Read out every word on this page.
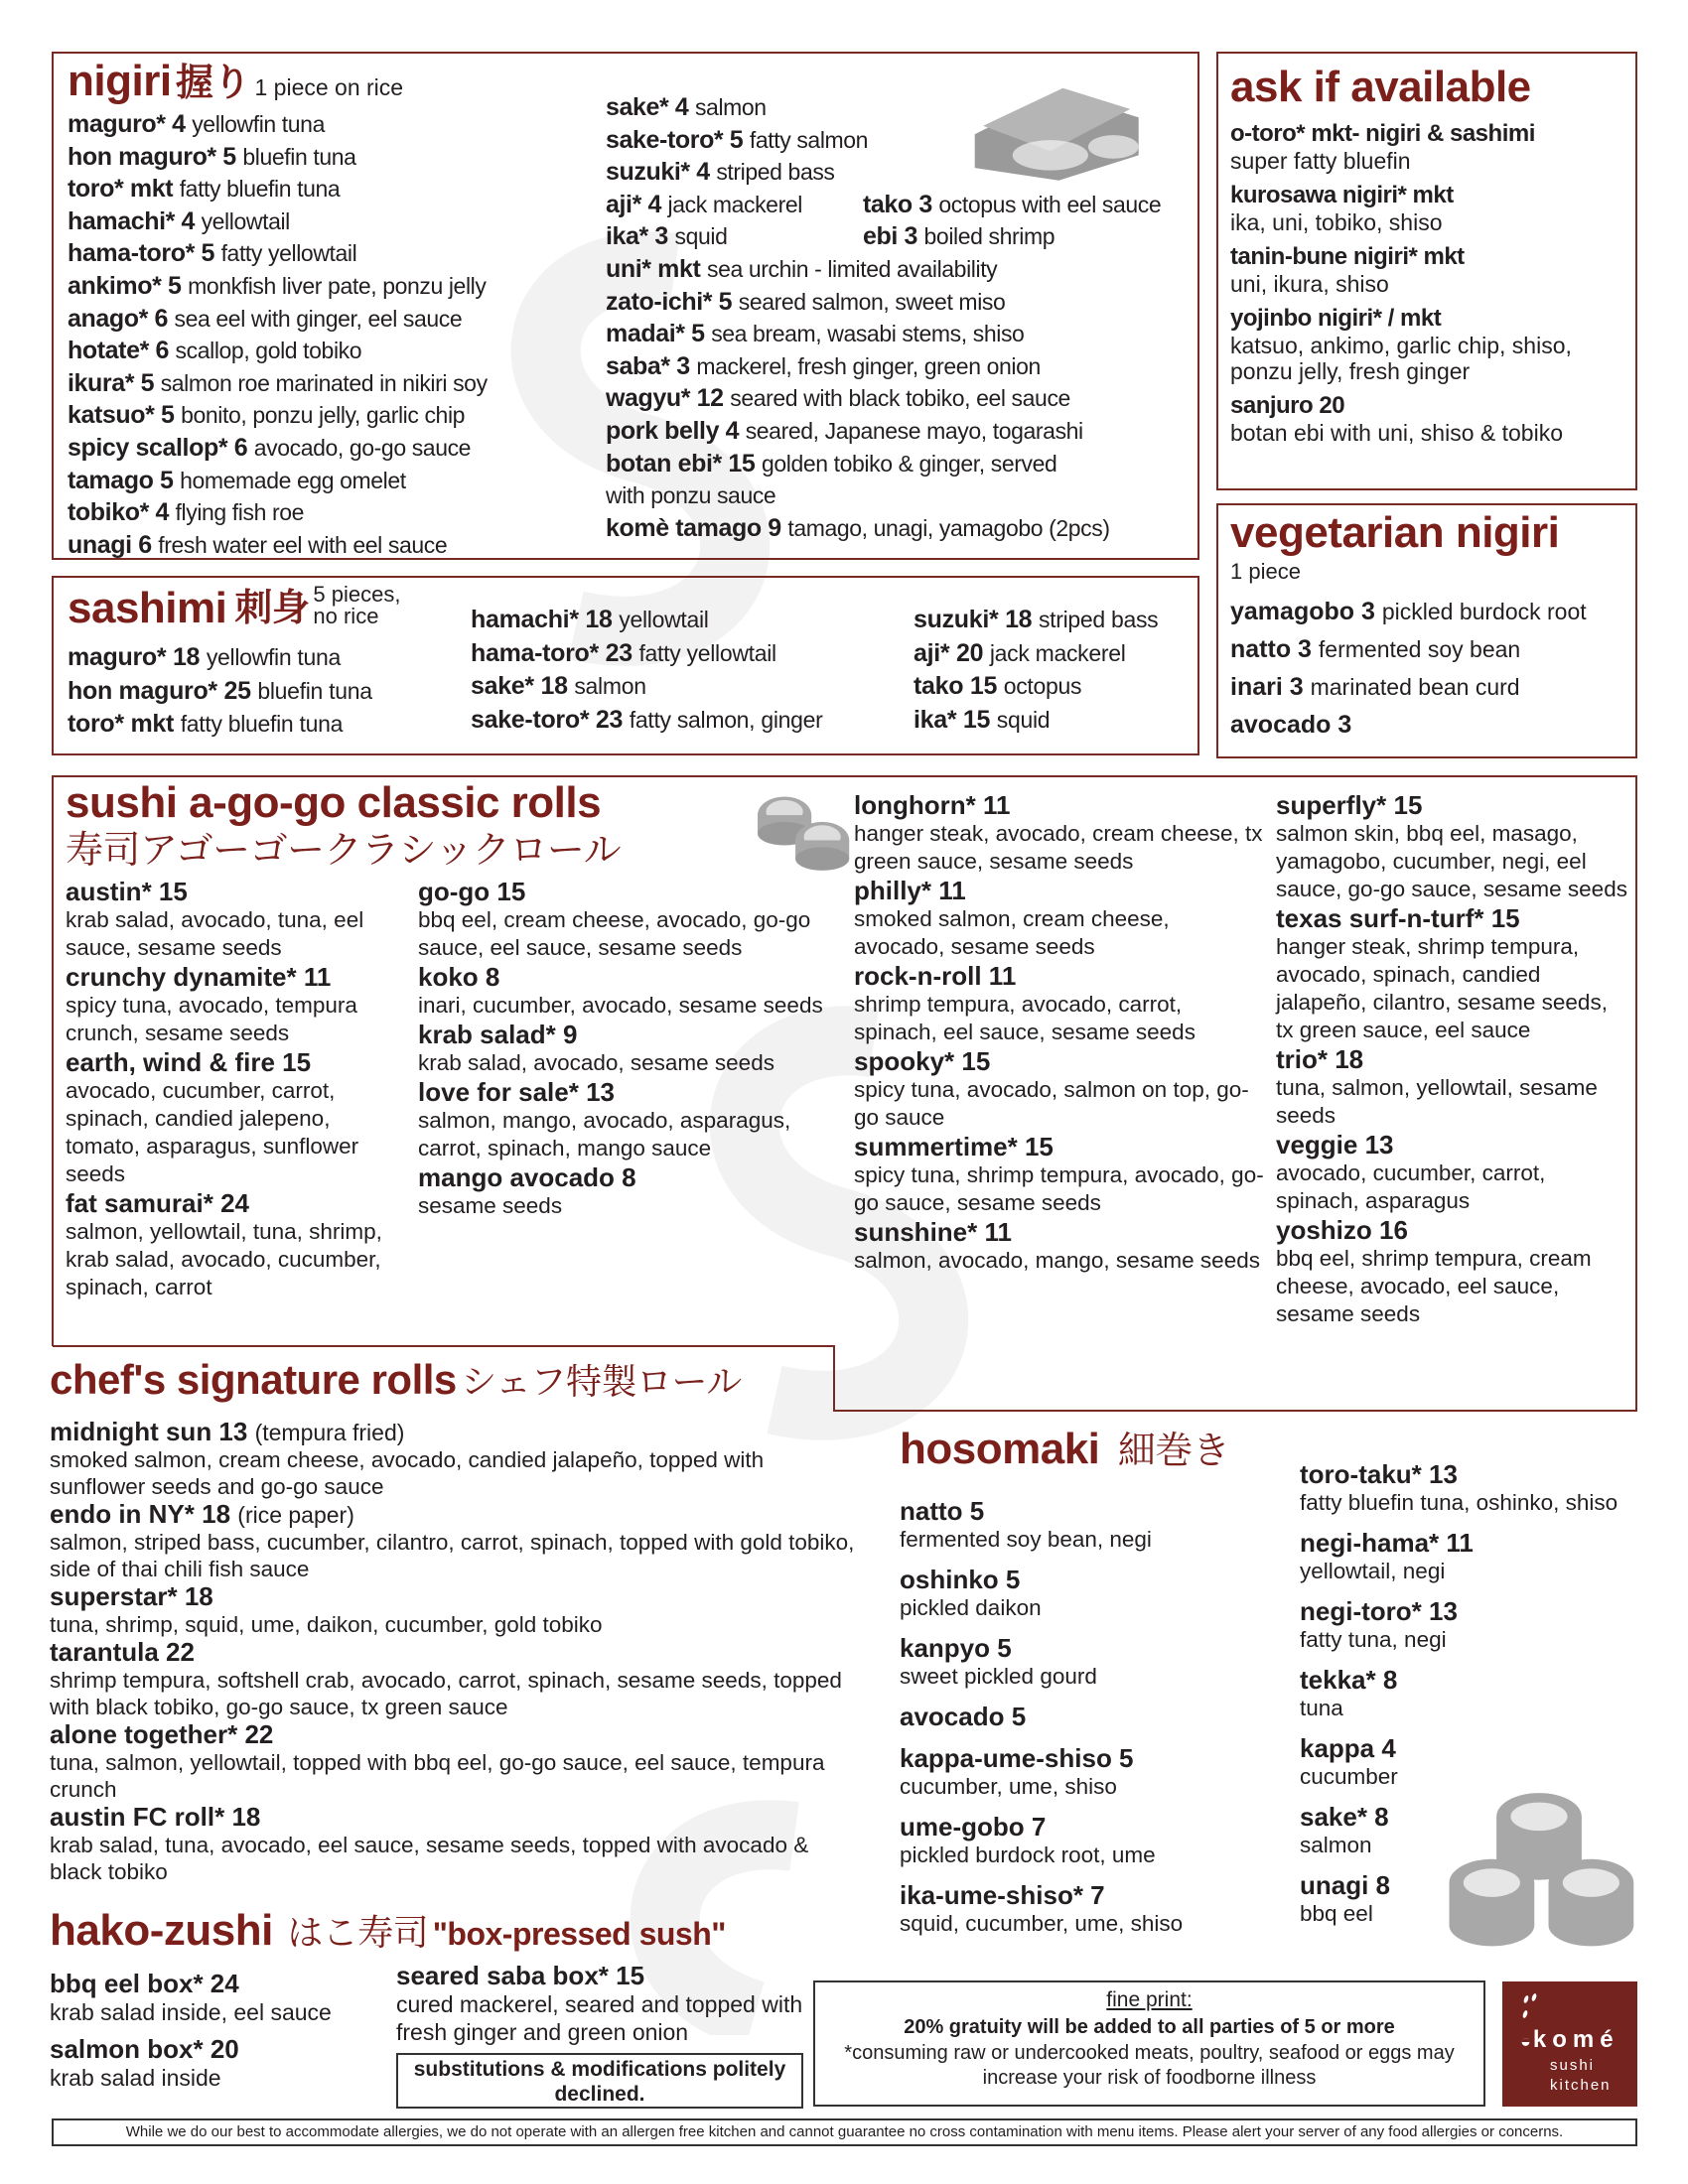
nigiri 握り 1 piece on rice
maguro* 4 yellowfin tuna
hon maguro* 5 bluefin tuna
toro* mkt fatty bluefin tuna
hamachi* 4 yellowtail
hama-toro* 5 fatty yellowtail
ankimo* 5 monkfish liver pate, ponzu jelly
anago* 6 sea eel with ginger, eel sauce
hotate* 6 scallop, gold tobiko
ikura* 5 salmon roe marinated in nikiri soy
katsuo* 5 bonito, ponzu jelly, garlic chip
spicy scallop* 6 avocado, go-go sauce
tamago 5 homemade egg omelet
tobiko* 4 flying fish roe
unagi 6 fresh water eel with eel sauce
sake* 4 salmon
sake-toro* 5 fatty salmon
suzuki* 4 striped bass
aji* 4 jack mackerel
ika* 3 squid
uni* mkt sea urchin - limited availability
zato-ichi* 5 seared salmon, sweet miso
madai* 5 sea bream, wasabi stems, shiso
saba* 3 mackerel, fresh ginger, green onion
wagyu* 12 seared with black tobiko, eel sauce
pork belly 4 seared, Japanese mayo, togarashi
botan ebi* 15 golden tobiko & ginger, served
with ponzu sauce
komè tamago 9 tamago, unagi, yamagobo (2pcs)
tako 3 octopus with eel sauce
ebi 3 boiled shrimp
ask if available
o-toro* mkt- nigiri & sashimi
super fatty bluefin
kurosawa nigiri* mkt
ika, uni, tobiko, shiso
tanin-bune nigiri* mkt
uni, ikura, shiso
yojinbo nigiri* / mkt
katsuo, ankimo, garlic chip, shiso, ponzu jelly, fresh ginger
sanjuro 20
botan ebi with uni, shiso & tobiko
vegetarian nigiri
1 piece
yamagobo 3 pickled burdock root
natto 3 fermented soy bean
inari 3 marinated bean curd
avocado 3
sashimi 刺身 5 pieces, no rice
maguro* 18 yellowfin tuna
hon maguro* 25 bluefin tuna
toro* mkt fatty bluefin tuna
hamachi* 18 yellowtail
hama-toro* 23 fatty yellowtail
sake* 18 salmon
sake-toro* 23 fatty salmon, ginger
suzuki* 18 striped bass
aji* 20 jack mackerel
tako 15 octopus
ika* 15 squid
sushi a-go-go classic rolls
寿司アゴーゴークラシックロール
austin* 15
krab salad, avocado, tuna, eel sauce, sesame seeds
crunchy dynamite* 11
spicy tuna, avocado, tempura crunch, sesame seeds
earth, wind & fire 15
avocado, cucumber, carrot, spinach, candied jalepeno, tomato, asparagus, sunflower seeds
fat samurai* 24
salmon, yellowtail, tuna, shrimp, krab salad, avocado, cucumber, spinach, carrot
go-go 15
bbq eel, cream cheese, avocado, go-go sauce, eel sauce, sesame seeds
koko 8
inari, cucumber, avocado, sesame seeds
krab salad* 9
krab salad, avocado, sesame seeds
love for sale* 13
salmon, mango, avocado, asparagus, carrot, spinach, mango sauce
mango avocado 8
sesame seeds
longhorn* 11
hanger steak, avocado, cream cheese, tx green sauce, sesame seeds
philly* 11
smoked salmon, cream cheese, avocado, sesame seeds
rock-n-roll 11
shrimp tempura, avocado, carrot, spinach, eel sauce, sesame seeds
spooky* 15
spicy tuna, avocado, salmon on top, go-go sauce
summertime* 15
spicy tuna, shrimp tempura, avocado, go-go sauce, sesame seeds
sunshine* 11
salmon, avocado, mango, sesame seeds
superfly* 15
salmon skin, bbq eel, masago, yamagobo, cucumber, negi, eel sauce, go-go sauce, sesame seeds
texas surf-n-turf* 15
hanger steak, shrimp tempura, avocado, spinach, candied jalapeño, cilantro, sesame seeds, tx green sauce, eel sauce
trio* 18
tuna, salmon, yellowtail, sesame seeds
veggie 13
avocado, cucumber, carrot, spinach, asparagus
yoshizo 16
bbq eel, shrimp tempura, cream cheese, avocado, eel sauce, sesame seeds
chef's signature rolls シェフ特製ロール
midnight sun 13 (tempura fried)
smoked salmon, cream cheese, avocado, candied jalapeño, topped with sunflower seeds and go-go sauce
endo in NY* 18 (rice paper)
salmon, striped bass, cucumber, cilantro, carrot, spinach, topped with gold tobiko, side of thai chili fish sauce
superstar* 18
tuna, shrimp, squid, ume, daikon, cucumber, gold tobiko
tarantula 22
shrimp tempura, softshell crab, avocado, carrot, spinach, sesame seeds, topped with black tobiko, go-go sauce, tx green sauce
alone together* 22
tuna, salmon, yellowtail, topped with bbq eel, go-go sauce, eel sauce, tempura crunch
austin FC roll* 18
krab salad, tuna, avocado, eel sauce, sesame seeds, topped with avocado & black tobiko
hosomaki 細巻き
natto 5
fermented soy bean, negi
oshinko 5
pickled daikon
kanpyo 5
sweet pickled gourd
avocado 5
kappa-ume-shiso 5
cucumber, ume, shiso
ume-gobo 7
pickled burdock root, ume
ika-ume-shiso* 7
squid, cucumber, ume, shiso
toro-taku* 13
fatty bluefin tuna, oshinko, shiso
negi-hama* 11
yellowtail, negi
negi-toro* 13
fatty tuna, negi
tekka* 8
tuna
kappa 4
cucumber
sake* 8
salmon
unagi 8
bbq eel
hako-zushi はこ寿司 "box-pressed sush"
bbq eel box* 24
krab salad inside, eel sauce
salmon box* 20
krab salad inside
seared saba box* 15
cured mackerel, seared and topped with fresh ginger and green onion
substitutions & modifications politely declined.
fine print:
20% gratuity will be added to all parties of 5 or more
*consuming raw or undercooked meats, poultry, seafood or eggs may increase your risk of foodborne illness
◒komé
sushi
kitchen
While we do our best to accommodate allergies, we do not operate with an allergen free kitchen and cannot guarantee no cross contamination with menu items. Please alert your server of any food allergies or concerns.
